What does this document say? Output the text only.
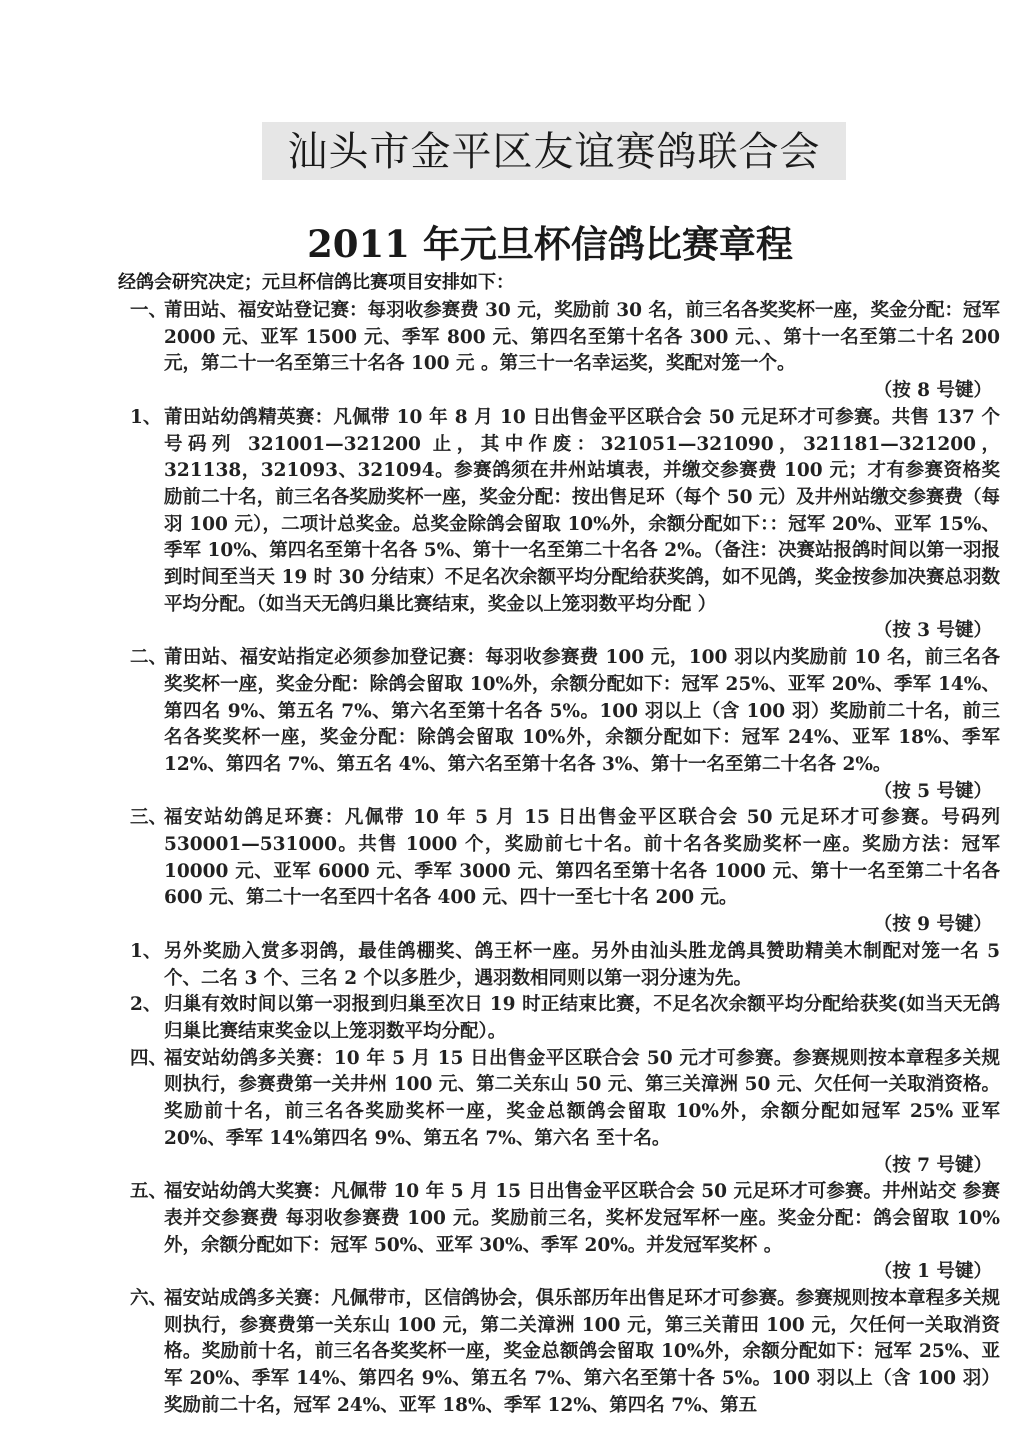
汕头市金平区友谊赛鸽联合会
2011 年元旦杯信鸽比赛章程
经鸽会研究决定；元旦杯信鸽比赛项目安排如下：
一、
莆田站、福安站登记赛：每羽收参赛费 30 元，奖励前 30 名，前三名各奖奖杯一座，奖金分配：冠军 2000 元、亚军 1500 元、季军 800 元、第四名至第十名各 300 元、、第十一名至第二十名 200 元，第二十一名至第三十名各 100 元 。第三十一名幸运奖，奖配对笼一个。
（按 8 号键）
1、 莆田站幼鸽精英赛：凡佩带 10 年 8 月 10 日出售金平区联合会 50 元足环才可参赛。共售 137 个号码列 321001—321200 止，其中作废：321051—321090，321181—321200，321138，321093、321094。参赛鸽须在井州站填表，并缴交参赛费 100 元；才有参赛资格奖励前二十名，前三名各奖励奖杯一座，奖金分配：按出售足环（每个 50 元）及井州站缴交参赛费（每羽 100 元），二项计总奖金。总奖金除鸽会留取 10%外，余额分配如下：：冠军 20%、亚军 15%、季军 10%、第四名至第十名各 5%、第十一名至第二十名各 2%。（备注：决赛站报鸽时间以第一羽报到时间至当天 19 时 30 分结束）不足名次余额平均分配给获奖鸽，如不见鸽，奖金按参加决赛总羽数平均分配。（如当天无鸽归巢比赛结束，奖金以上笼羽数平均分配 ）
（按 3 号键）
二、
莆田站、福安站指定必须参加登记赛：每羽收参赛费 100 元，100 羽以内奖励前 10 名，前三名各奖奖杯一座，奖金分配：除鸽会留取 10%外，余额分配如下：冠军 25%、亚军 20%、季军 14%、第四名 9%、第五名 7%、第六名至第十名各 5%。100 羽以上（含 100 羽）奖励前二十名，前三名各奖奖杯一座，奖金分配：除鸽会留取 10%外，余额分配如下：冠军 24%、亚军 18%、季军 12%、第四名 7%、第五名 4%、第六名至第十名各 3%、第十一名至第二十名各 2%。
（按 5 号键）
三、
福安站幼鸽足环赛：凡佩带 10 年 5 月 15 日出售金平区联合会 50 元足环才可参赛。号码列 530001—531000。共售 1000 个，奖励前七十名。前十名各奖励奖杯一座。奖励方法：冠军 10000 元、亚军 6000 元、季军 3000 元、第四名至第十名各 1000 元、第十一名至第二十名各 600 元、第二十一名至四十名各 400 元、四十一至七十名 200 元。
（按 9 号键）
1、 另外奖励入赏多羽鸽，最佳鸽棚奖、鸽王杯一座。另外由汕头胜龙鸽具赞助精美木制配对笼一名 5 个、二名 3 个、三名 2 个以多胜少，遇羽数相同则以第一羽分速为先。
2、 归巢有效时间以第一羽报到归巢至次日 19 时正结束比赛，不足名次余额平均分配给获奖(如当天无鸽归巢比赛结束奖金以上笼羽数平均分配）。
四、
福安站幼鸽多关赛：10 年 5 月 15 日出售金平区联合会 50 元才可参赛。参赛规则按本章程多关规则执行，参赛费第一关井州 100 元、第二关东山 50 元、第三关漳洲 50 元、欠任何一关取消资格。奖励前十名，前三名各奖励奖杯一座，奖金总额鸽会留取 10%外，余额分配如冠军 25% 亚军 20%、季军 14%第四名 9%、第五名 7%、第六名 至十名。
（按 7 号键）
五、
福安站幼鸽大奖赛：凡佩带 10 年 5 月 15 日出售金平区联合会 50 元足环才可参赛。井州站交 参赛表并交参赛费 每羽收参赛费 100 元。奖励前三名，奖杯发冠军杯一座。奖金分配：鸽会留取 10%外，余额分配如下：冠军 50%、亚军 30%、季军 20%。并发冠军奖杯 。
（按 1 号键）
六、
福安站成鸽多关赛：凡佩带市，区信鸽协会，俱乐部历年出售足环才可参赛。参赛规则按本章程多关规则执行，参赛费第一关东山 100 元，第二关漳洲 100 元，第三关莆田 100 元，欠任何一关取消资格。奖励前十名，前三名各奖奖杯一座，奖金总额鸽会留取 10%外，余额分配如下：冠军 25%、亚军 20%、季军 14%、第四名 9%、第五名 7%、第六名至第十各 5%。100 羽以上（含 100 羽）奖励前二十名，冠军 24%、亚军 18%、季军 12%、第四名 7%、第五
